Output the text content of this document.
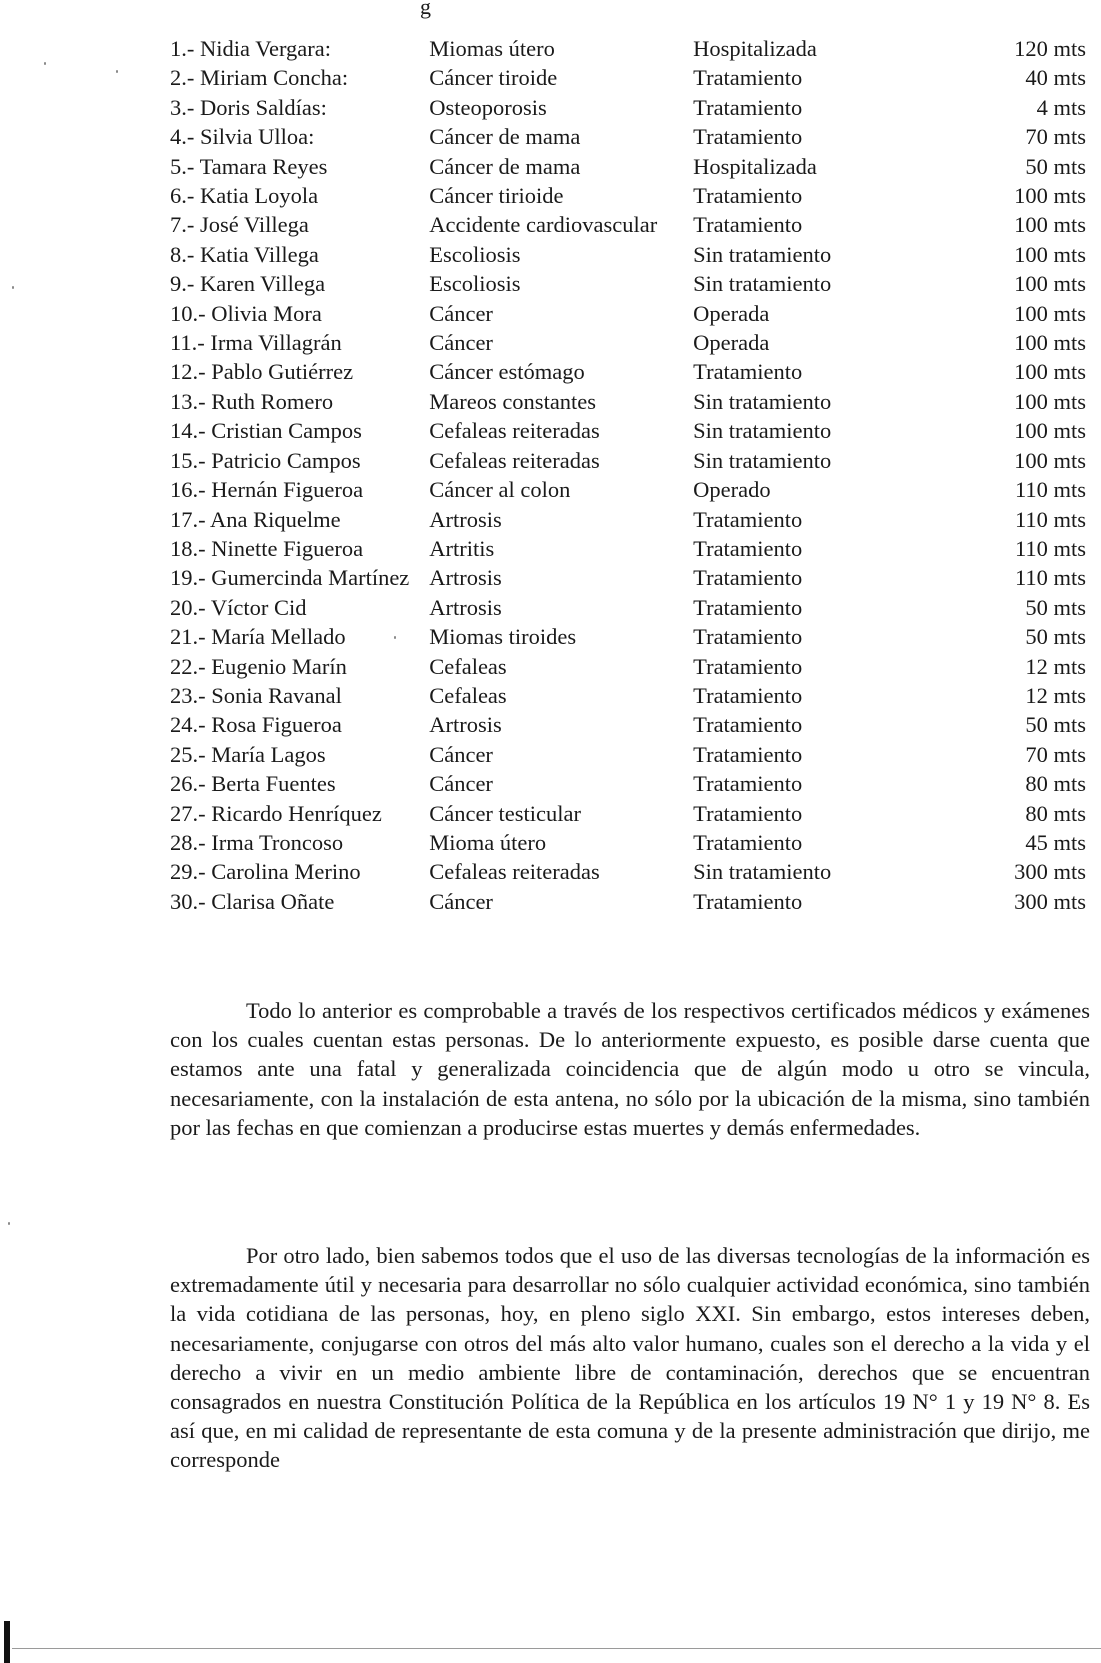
g
1.- Nidia Vergara:	Miomas útero	Hospitalizada	120 mts
2.- Miriam Concha:	Cáncer tiroide	Tratamiento	40 mts
3.- Doris Saldías:	Osteoporosis	Tratamiento	4 mts
4.- Silvia Ulloa:	Cáncer de mama	Tratamiento	70 mts
5.- Tamara Reyes	Cáncer de mama	Hospitalizada	50 mts
6.- Katia Loyola	Cáncer tirioide	Tratamiento	100 mts
7.- José Villega	Accidente cardiovascular	Tratamiento	100 mts
8.- Katia Villega	Escoliosis	Sin tratamiento	100 mts
9.- Karen Villega	Escoliosis	Sin tratamiento	100 mts
10.- Olivia Mora	Cáncer	Operada	100 mts
11.- Irma Villagrán	Cáncer	Operada	100 mts
12.- Pablo Gutiérrez	Cáncer estómago	Tratamiento	100 mts
13.- Ruth Romero	Mareos constantes	Sin tratamiento	100 mts
14.- Cristian Campos	Cefaleas reiteradas	Sin tratamiento	100 mts
15.- Patricio Campos	Cefaleas reiteradas	Sin tratamiento	100 mts
16.- Hernán Figueroa	Cáncer al colon	Operado	110 mts
17.- Ana Riquelme	Artrosis	Tratamiento	110 mts
18.- Ninette Figueroa	Artritis	Tratamiento	110 mts
19.- Gumercinda Martínez	Artrosis	Tratamiento	110 mts
20.- Víctor Cid	Artrosis	Tratamiento	50 mts
21.- María Mellado	Miomas tiroides	Tratamiento	50 mts
22.- Eugenio Marín	Cefaleas	Tratamiento	12 mts
23.- Sonia Ravanal	Cefaleas	Tratamiento	12 mts
24.- Rosa Figueroa	Artrosis	Tratamiento	50 mts
25.- María Lagos	Cáncer	Tratamiento	70 mts
26.- Berta Fuentes	Cáncer	Tratamiento	80 mts
27.- Ricardo Henríquez	Cáncer testicular	Tratamiento	80 mts
28.- Irma Troncoso	Mioma útero	Tratamiento	45 mts
29.- Carolina Merino	Cefaleas reiteradas	Sin tratamiento	300 mts
30.- Clarisa Oñate	Cáncer	Tratamiento	300 mts

Todo lo anterior es comprobable a través de los respectivos certificados médicos y exámenes con los cuales cuentan estas personas. De lo anteriormente expuesto, es posible darse cuenta que estamos ante una fatal y generalizada coincidencia que de algún modo u otro se vincula, necesariamente, con la instalación de esta antena, no sólo por la ubicación de la misma, sino también por las fechas en que comienzan a producirse estas muertes y demás enfermedades.

Por otro lado, bien sabemos todos que el uso de las diversas tecnologías de la información es extremadamente útil y necesaria para desarrollar no sólo cualquier actividad económica, sino también la vida cotidiana de las personas, hoy, en pleno siglo XXI. Sin embargo, estos intereses deben, necesariamente, conjugarse con otros del más alto valor humano, cuales son el derecho a la vida y el derecho a vivir en un medio ambiente libre de contaminación, derechos que se encuentran consagrados en nuestra Constitución Política de la República en los artículos 19 N° 1 y 19 N° 8. Es así que, en mi calidad de representante de esta comuna y de la presente administración que dirijo, me corresponde
